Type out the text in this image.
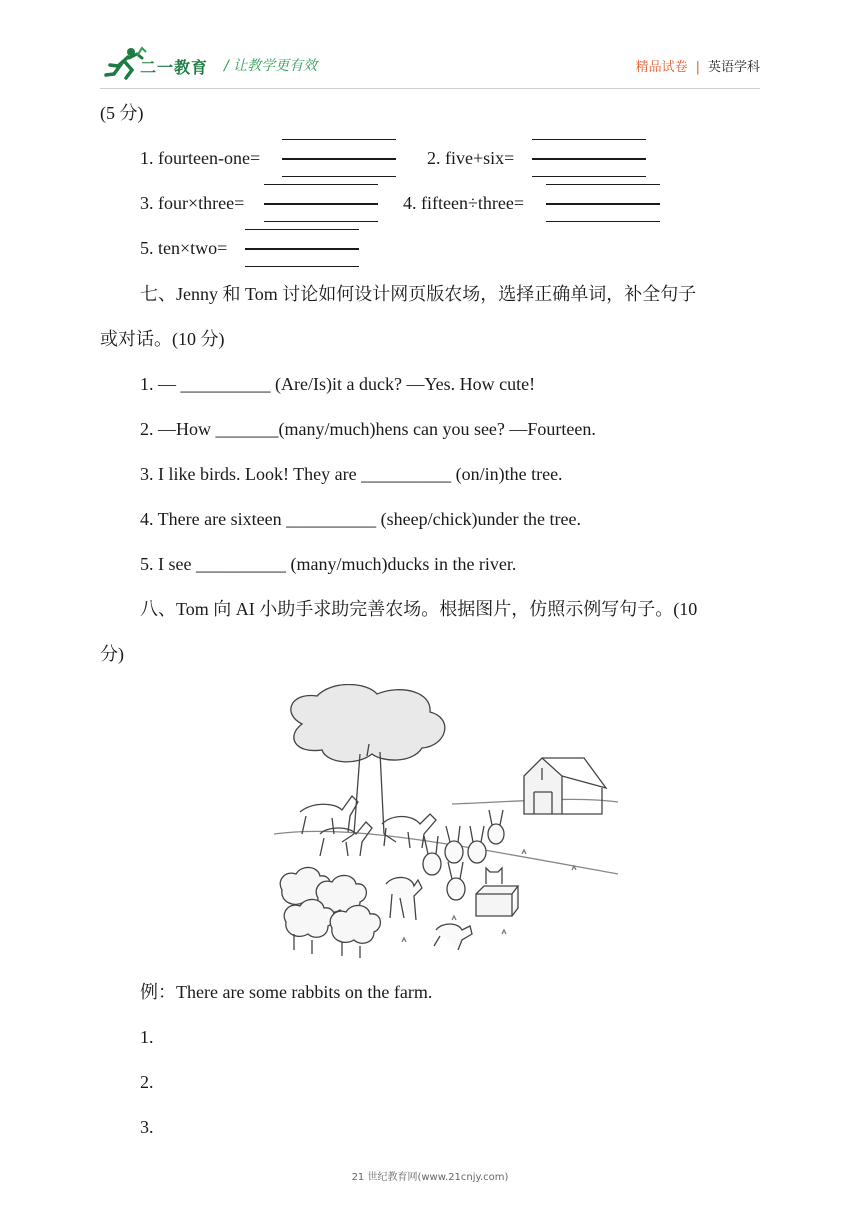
二一教育 / 让教学更有效	精品试卷 | 英语学科
(5 分)
1. fourteen-one=	2. five+six=
3. four×three=	4. fifteen÷three=
5. ten×two=
七、Jenny 和 Tom 讨论如何设计网页版农场，选择正确单词，补全句子
或对话。(10 分)
1. — __________ (Are/Is)it a duck? —Yes. How cute!
2. —How _______(many/much)hens can you see? —Fourteen.
3. I like birds. Look! They are __________ (on/in)the tree.
4. There are sixteen __________ (sheep/chick)under the tree.
5. I see __________ (many/much)ducks in the river.
八、Tom 向 AI 小助手求助完善农场。根据图片，仿照示例写句子。(10
分)
例：There are some rabbits on the farm.
1.
2.
3.
21 世纪教育网(www.21cnjy.com)
